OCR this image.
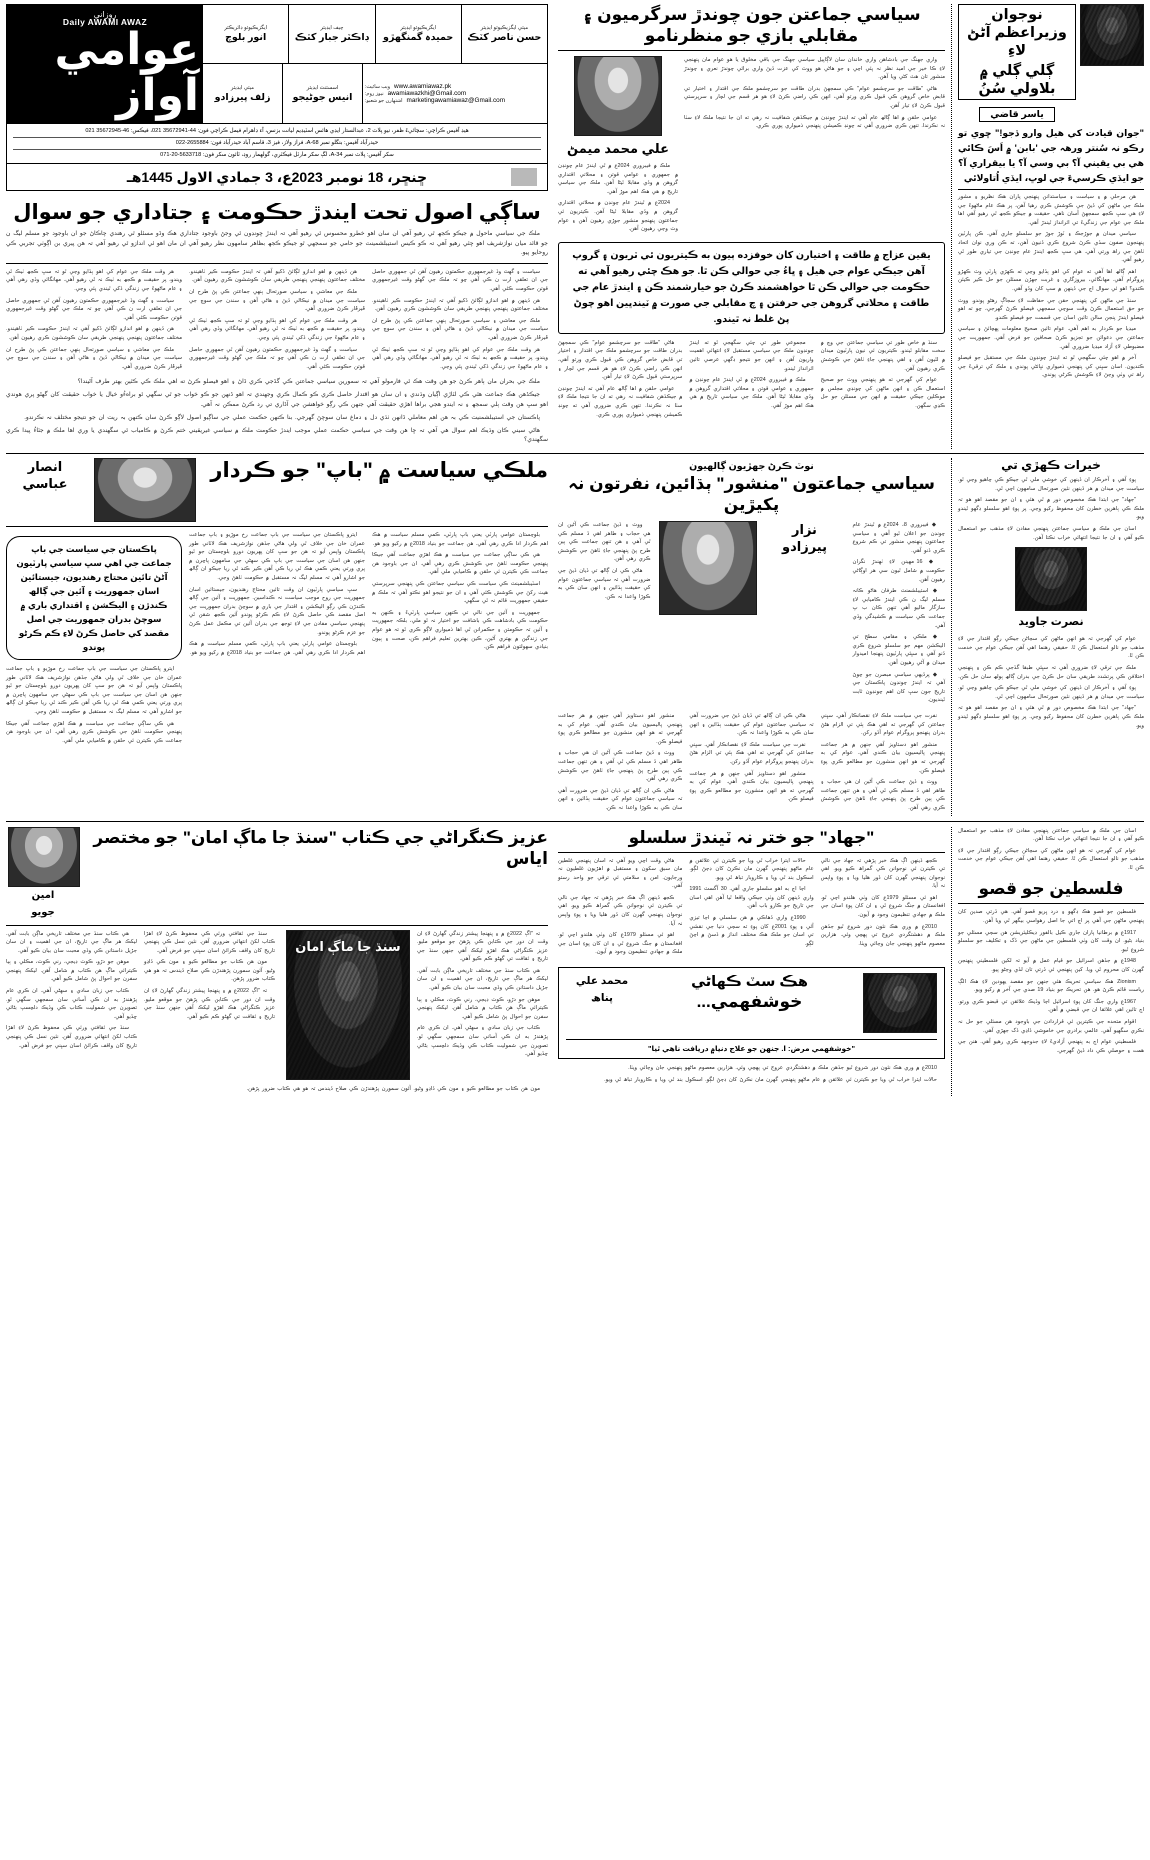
نوجوان وزيراعظم آڻڻ لاءِ
ڳلي ڳلي ۾ بلاولي سُنُ
ياسر قاضي
"جوان قيادت کي هيل وارو ڏجو!" ڇوي تو رڪو نہ سُنتر ورهہ جي 'بابن' ۾ اَسَ ڪائي هي بي يقيني آ؟ بي وسي آ؟ يا بيقراري آ؟ جو ايڏي ڪرسيءَ جي لوڀ، ايڏي اُتاولائي

هن مرحلي ۾ ۽ سياست ۽ سياستدانن پنهنجي پاران هڪ نظريو ۽ مشور ملڪ جي ماڻهن کي ڏيڻ جي ڪوشش ڪري رهيا آهن، پر هڪ عام ماڻهوءَ جي لاءِ هي سڀ ڪجھ سمجهڻ آسان ناهي. حقيقت ۾ جيڪو ڪجھ ٿي رهيو آهي اها ملڪ جي عوام جي زندگيءَ تي اثرانداز ٿيندڙ آهي.

سياسي ميدان ۾ جوڙجڪ ۽ ٽوڙ جوڙ جو سلسلو جاري آهي. ڪن پارٽين پنهنجون صفون سڌي ڪرڻ شروع ڪري ڏنيون آهن، ته ڪن وري نوان اتحاد ٺاهڻ جي راھ ورتي آهي. هي سڀ ڪجھ ايندڙ عام چونڊن جي تياري طور ٿي رهيو آهي.

اهم ڳالھ اها آهي ته عوام کي اهو ٻڌايو وڃي ته ڪهڙي پارٽي وٽ ڪهڙو پروگرام آهي. مهانگائي، بيروزگاري ۽ غربت جهڙن مسئلن جو حل ڪير ڪيئن ڪندو؟ اهو ئي سوال اڄ جي ڏينهن ۾ سڀ کان وڏو آهي.

سنڌ جي ماڻهن کي پنهنجي حقن جي حفاظت لاءِ سجاڳ رهڻو پوندو. ووٽ جو حق استعمال ڪرڻ وقت سوچي سمجهي فيصلو ڪرڻ گهرجي، ڇو ته اهو فيصلو ايندڙ پنجن سالن تائين اسان جي قسمت جو فيصلو ڪندو.

ميڊيا جو ڪردار به اهم آهي. عوام تائين صحيح معلومات پهچائڻ ۽ سياسي جماعتن جي دعوائن جو تجزيو ڪرڻ صحافين جو فرض آهي. جمهوريت جي مضبوطي لاءِ آزاد ميڊيا ضروري آهي.

آخر ۾ اهو چئي سگهجي ٿو ته ايندڙ چونڊون ملڪ جي مستقبل جو فيصلو ڪنديون. اسان سڀني کي پنهنجي ذميواري نڀائڻي پوندي ۽ ملڪ کي ترقيءَ جي راھ تي وٺي وڃڻ لاءِ ڪوشش ڪرڻي پوندي.

سياسي جماعتن جون چوندڙ سرگرميون ۽ مقابلي بازي جو منظرنامو

واري جهنگ جي بادشاهن واري خاندان سان لاڳاپيل سياسي جهنگ جي باقي مخلوق يا هو عوام مان پنهنجي لاءِ ڪا خير جي اميد نظر نہ پئي اچي ۽ جو هاڻي هو ووٽ کي عزت ڏيڻ واري برائي چوندڙ نعري ۽ چوندڙ منشور تان هٿ کڻي ويا آهن.

هاڻي "طاقت جو سرچشمو عوام" ڪي سمجهڻ بدران طاقت جو سرچشمو ملڪ جي اقتدار ۽ اختيار تي قابض خاص گروهن ڪي قبول ڪري ورتو آهي، انهن ڪي راضي ڪرڻ لاءِ هو هر قسم جي لچار ۽ سرپرستي قبول ڪرڻ لاءِ تيار آهن.

عوامي حلقن ۾ اها ڳالھ عام آهي ته ايندڙ چونڊن ۾ جيڪڏهن شفافيت نہ رهي ته ان جا نتيجا ملڪ لاءِ سٺا نہ نڪرندا. تنهن ڪري ضروري آهي ته چونڊ ڪميشن پنهنجي ذميواري پوري ڪري.

علي محمد ميمڻ

ملڪ ۾ فيبروري 2024ع ۾ ٿي ايندڙ عام چونڊن ۾ جمهوري ۽ عوامي قوتن ۽ محلاتي اقتداري گروهن ۾ وڏي مقابلا ٿيڻا آهن. ملڪ جي سياسي تاريخ ۾ هي هڪ اهم موڙ آهي.

2024ع ۾ ٿيندڙ عام چونڊن ۾ محلاتي اقتداري گروهن ۾ وڏي مقابلا ٿيڻا آهن. ڪيتريون ئي جماعتون پنهنجو منشور جوڙي رهيون آهن ۽ عوام وٽ وڃي رهيون آهن.

يقين عزاج ۾ طاقت ۽ اختيارن کان خوفزده ٻيون به ڪيتريون ئي ٽريون ۽ گروپ آهن جيڪي عوام جي هيل ۽ ڀاءُ جي حوالي ڪن ٿا. جو هڪ چئي رهيو آهي ته حڪومت جي حوالي ڪن ٿا خواهشمند ڪرڻ جو خيارشمند ڪن ۽ ايندڙ عام جي طاقت ۽ محلاتي گروهن جي حرفتن ۽ چ مقابلي جي صورت ۾ ٽيندڀين اهو چوڻ پڻ غلط نہ ٿيندو.

سنڌ ۾ خاص طور تي سياسي جماعتن جي وچ ۾ سخت مقابلو ٿيندو. ڪيتريون ئي نيون پارٽيون ميدان ۾ لٿيون آهن ۽ اهي پنهنجي جاءِ ٺاهڻ جي ڪوشش ڪري رهيون آهن.

عوام کي گهرجي ته هو پنهنجي ووٽ جو صحيح استعمال ڪن ۽ انهن ماڻهن کي چونڊي مجلس ۾ موڪلين جيڪي حقيقت ۾ انهن جي مسئلن جو حل ڪڍي سگهن.

مجموعي طور تي چئي سگهجي ٿو ته ايندڙ چونڊون ملڪ جي سياسي مستقبل لاءِ انتهائي اهميت واريون آهن ۽ انهن جو نتيجو ڊگهي عرصي تائين اثرانداز ٿيندو.

ملڪ ۾ فيبروري 2024ع ۾ ٿي ايندڙ عام چونڊن ۾ جمهوري ۽ عوامي قوتن ۽ محلاتي اقتداري گروهن ۾ وڏي مقابلا ٿيڻا آهن. ملڪ جي سياسي تاريخ ۾ هي هڪ اهم موڙ آهي.

هاڻي "طاقت جو سرچشمو عوام" ڪي سمجهڻ بدران طاقت جو سرچشمو ملڪ جي اقتدار ۽ اختيار تي قابض خاص گروهن ڪي قبول ڪري ورتو آهي، انهن ڪي راضي ڪرڻ لاءِ هو هر قسم جي لچار ۽ سرپرستي قبول ڪرڻ لاءِ تيار آهن.

عوامي حلقن ۾ اها ڳالھ عام آهي ته ايندڙ چونڊن ۾ جيڪڏهن شفافيت نہ رهي ته ان جا نتيجا ملڪ لاءِ سٺا نہ نڪرندا. تنهن ڪري ضروري آهي ته چونڊ ڪميشن پنهنجي ذميواري پوري ڪري.

ميٽي ايگزيڪيوٽو ايڊيٽر
حسن ناصر کٽڪ
ايگزيڪيوٽو ايڊيٽر
حميدہ گمنگهڙو
چيف ايڊيٽر
ڊاڪٽر جبار کٽڪ
ايگزيڪيوٽو ڊائريڪٽر
انور بلوچ
www.awamiawaz.pk
ويب سائيٽ:
awamiawazkhi@Gmail.com
نيوز روم:
marketingawamiawaz@Gmail.com
اشتهارن جو شعبو:
اسسٽنٽ ايڊيٽر
انيس جوڻيجو
ميٽي ايڊيٽر
زلف پيرزادو
روزاني
Daily AWAMI AWAZ
عوامي آواز
هيڊ آفيس ڪراچي: سچائيءَ ظفر، نيو پلاٽ 2، عبدالستار ايڊي هائس اسٽيڊيم ليانت بزنس، آء ڊاهرام فيمل ڪراچي فون: 44-35672941 021، فيڪس: 46-35672945 021
حيدرآباد آفيس: بنگلو نمبر 68-A، فراز ولاز، فيز 3، قاسم آباد حيدرآباد فون: 2655884-022
سکر آفيس: پلاٽ نمبر 34-A، لڳ سکر مارٽل فيڪٽري، گولهمار روڊ، ٽائون سکر فون: 5633718-20-071
ڇنڇر، 18 نومبر 2023ع، 3 جمادي الاول 1445هـ
ساڳي اصول تحت ايندڙ حڪومت ۽ جتاداري جو سوال

ملڪ جي سياسي ماحول ۾ جيڪو ڪجھ ٿي رهيو آهي ان سان اهو خطرو محسوس ٿي رهيو آهي تہ ايندڙ چونڊون ٿي وجڻ باوجود جتاداري هڪ وڏو مسئلو ٿي رهندي چاڪاڻ جو ان باوجود جو مسلم ليگ ن جو قائد ميان نوازشريف اهو چئي رهيو آهي تہ ڪو ڪيس استيبلشمينٽ جو حامي جو سمجهي ٿو جيڪو ڪجھ بظاهر سامهون نظر رهيو آهي ان مان اهو ئي اندازو ٿي رهيو آهي تہ هن پيري بن اڳوٺي تجربي ڪي روحايو پيو.

سياست ۽ گهٽ وڌ غيرجمهوري حڪمتون رهيون آهن ٿي جمهوري حاصل جي ان تعلقي ارت ن ڪي آهي ڇو تہ ملڪ جي گهڻو وقت غيرجمهوري قوتن حڪومت ڪئي آهي.

هن ڏينهن ۾ اهو اندازو لڳائڻ ڏکيو آهي تہ ايندڙ حڪومت ڪير ٺاهيندو. مختلف جماعتون پنهنجي پنهنجي طريقي سان ڪوششون ڪري رهيون آهن.

ملڪ جي معاشي ۽ سياسي صورتحال ٻنهي جماعتن ڪي پڻ طرح ان سياست جي ميدان ۾ نيڪالي ڏيڻ ۽ هاڻي آهن ۽ سندن جي سوچ جي ڦيرڦار ڪرڻ ضروري آهي.

هر وقت ملڪ جي عوام کي اهو ٻڌايو وڃي ٿو تہ سڀ ڪجھ ٺيڪ ٿي ويندو، پر حقيقت ۾ ڪجھ به ٺيڪ نہ ٿي رهيو آهي. مهانگائي وڌي رهي آهي ۽ عام ماڻهوءَ جي زندگي ڏکي ٿيندي پئي وڃي.

هن ڏينهن ۾ اهو اندازو لڳائڻ ڏکيو آهي تہ ايندڙ حڪومت ڪير ٺاهيندو. مختلف جماعتون پنهنجي پنهنجي طريقي سان ڪوششون ڪري رهيون آهن.

ملڪ جي معاشي ۽ سياسي صورتحال ٻنهي جماعتن ڪي پڻ طرح ان سياست جي ميدان ۾ نيڪالي ڏيڻ ۽ هاڻي آهن ۽ سندن جي سوچ جي ڦيرڦار ڪرڻ ضروري آهي.

هر وقت ملڪ جي عوام کي اهو ٻڌايو وڃي ٿو تہ سڀ ڪجھ ٺيڪ ٿي ويندو، پر حقيقت ۾ ڪجھ به ٺيڪ نہ ٿي رهيو آهي. مهانگائي وڌي رهي آهي ۽ عام ماڻهوءَ جي زندگي ڏکي ٿيندي پئي وڃي.

سياست ۽ گهٽ وڌ غيرجمهوري حڪمتون رهيون آهن ٿي جمهوري حاصل جي ان تعلقي ارت ن ڪي آهي ڇو تہ ملڪ جي گهڻو وقت غيرجمهوري قوتن حڪومت ڪئي آهي.

هر وقت ملڪ جي عوام کي اهو ٻڌايو وڃي ٿو تہ سڀ ڪجھ ٺيڪ ٿي ويندو، پر حقيقت ۾ ڪجھ به ٺيڪ نہ ٿي رهيو آهي. مهانگائي وڌي رهي آهي ۽ عام ماڻهوءَ جي زندگي ڏکي ٿيندي پئي وڃي.

سياست ۽ گهٽ وڌ غيرجمهوري حڪمتون رهيون آهن ٿي جمهوري حاصل جي ان تعلقي ارت ن ڪي آهي ڇو تہ ملڪ جي گهڻو وقت غيرجمهوري قوتن حڪومت ڪئي آهي.

هن ڏينهن ۾ اهو اندازو لڳائڻ ڏکيو آهي تہ ايندڙ حڪومت ڪير ٺاهيندو. مختلف جماعتون پنهنجي پنهنجي طريقي سان ڪوششون ڪري رهيون آهن.

ملڪ جي معاشي ۽ سياسي صورتحال ٻنهي جماعتن ڪي پڻ طرح ان سياست جي ميدان ۾ نيڪالي ڏيڻ ۽ هاڻي آهن ۽ سندن جي سوچ جي ڦيرڦار ڪرڻ ضروري آهي.

ملڪ جي بحران مان ٻاهر ڪرڻ جو هن وقت هڪ ٿي فارمولو آهي تہ سمورين سياسي جماعتن ڪي گڏجي ڪري ڏاڻ ۽ اهو فيصلو ڪرڻ ته اهي ملڪ ڪي ڪٿين بهتر طرف آڻيندا؟

جيڪڏهن هڪ جماعت هٿي ڪي لٽاڙي اڳيان وڌندي ۽ ان سان هو اقتدار حاصل ڪري ڪو ڪمال ڪري وجهندي تہ اهو ڏنهن جو ڪو خواب جو ٿي سگهي ٿو براهءُو خيال يا خواب حقيقت کان گهڻو پري هوندي اهو سڀ هن وقت ٻلي سمجھ ۽ نہ ايندو هجي براها اهڙي حقيقت آهي جنهن ڪي رڳو خواهشن جي آڏاري تي رد ڪرڻ ممڪن نہ آهي.

پاڪستان جي استيبلشمنيت ڪي بہ هن اهم معاملي ڏانهن ٺڌي دل ۽ دماغ سان سوچڻ گهرجي. بنا ڪنهن حڪمت عملي جي ساڳيو اصول لاڳو ڪرڻ سان ڪنهن بہ ريت ان جو نتيجو مختلف نہ نڪرندو.

هاڻي سيني ڪان وڌيڪ اهم سوال هي آهي تہ ڇا هن وقت جي سياسي حڪمت عملي موجب ايندڙ حڪومت ملڪ ۾ سياسي غيريقيني ختم ڪرڻ ۾ ڪامياب ٿي سگهندي يا وري اها ملڪ ۾ جٽاءُ پيدا ڪري سگهندي؟

خيرات ڪهڙي تي

پوءِ آهي ۽ آخرڪار ان ڏينهن کي خوشي ملي ٿي جيڪو ڪي چاهيو وڃي ٿو. سياست جي ميدان ۾ هر ڏينهن نئين صورتحال سامهون اچي ٿي.

"جهاد" جي ابتدا هڪ مخصوص دور ۾ ٿي هئي ۽ ان جو مقصد اهو هو تہ ملڪ ڪي ٻاهرين خطرن کان محفوظ رکيو وڃي. پر پوءِ اهو سلسلو ڊگهو ٿيندو ويو.

اسان جي ملڪ ۾ سياسي جماعتن پنهنجي مفادن لاءِ مذهب جو استعمال ڪيو آهي ۽ ان جا نتيجا انتهائي خراب نڪتا آهن.

نصرت جاويد

عوام کي گهرجي تہ هو انهن ماڻهن کي سڃاڻن جيڪي رڳو اقتدار جي لاءِ مذهب جو نالو استعمال ڪن ٿا. حقيقي رهنما اهي آهن جيڪي عوام جي خدمت ڪن ٿا.

ملڪ جي ترقي لاءِ ضروري آهي تہ سڀئي طبقا گڏجي ڪم ڪن ۽ پنهنجي اختلافن ڪي پرتشدد طريقي سان حل ڪرڻ جي بدران ڳالھ ٻولھ سان حل ڪن.

پوءِ آهي ۽ آخرڪار ان ڏينهن کي خوشي ملي ٿي جيڪو ڪي چاهيو وڃي ٿو. سياست جي ميدان ۾ هر ڏينهن نئين صورتحال سامهون اچي ٿي.

"جهاد" جي ابتدا هڪ مخصوص دور ۾ ٿي هئي ۽ ان جو مقصد اهو هو تہ ملڪ ڪي ٻاهرين خطرن کان محفوظ رکيو وڃي. پر پوءِ اهو سلسلو ڊگهو ٿيندو ويو.

نوٽ ڪرڻ جهڙيون ڳالهيون
سياسي جماعتون "منشور" ٻڌائين، نفرتون نہ پکيڙين

◆ فيبروري 8، 2024ع ۾ ٿيندڙ عام چونڊن جو اعلان ٿيو آهي ۽ سياسي جماعتون پنهنجي منشور تي ڪم شروع ڪري ڏنو آهي.

◆ 16 مهينن لاءِ ٺهندڙ نگران حڪومت ۾ شامل ٿيون سي هر اوڳاڻي رهيون آهن.

◆ استيبلشمنٽ طرفان هاڻو ڪانہ مسلم ليگ ن ڪي ايندڙ ڪاميابي لاءِ سازگار ماليو آهي تنهن ڪان ب پ جماعت ڪي سياست ۾ ڪشيدگي وڌي آهي.

◆ ملڪي ۽ مقامي سطح تي اليڪشن مهم جو سلسلو شروع ڪري ڏنو آهي ۽ سڀئي پارٽيون پنهنجا اميدوار ميدان ۾ آڻي رهيون آهن.

◆ پرڏيهي سياسي مبصرن جو چوڻ آهي تہ ايندڙ چونڊون پاڪستان جي تاريخ جون سڀ کان اهم چونڊون ثابت ٿينديون.

نزار
پيرزادو

ووٽ ۽ ڏيڻ جماعت ڪي آڻين ان هي حجاب ۽ طاهر اهي ڏ مسلم ڪي ٿي آهي ۽ هن تنهن جماعت ڪي ٻين طرح پڻ پنهنجي جاءِ ٺاهڻ جي ڪوشش ڪري رهي آهن.

هاڻي ڪي ان ڳالھ تي ڌيان ڏيڻ جي ضرورت آهي تہ سياسي جماعتون عوام کي حقيقت ٻڌائين ۽ انهن سان ڪي به ڪوڙا واعدا نہ ڪن.

نفرت جي سياست ملڪ لاءِ نقصانڪار آهي. سڀني جماعتن کي گهرجي ته اهي هڪ ٻئي تي الزام هڻڻ بدران پنهنجو پروگرام عوام آڏو رکن.

منشور اهو دستاويز آهي جنهن ۾ هر جماعت پنهنجي پاليسيون بيان ڪندي آهي. عوام کي به گهرجي ته هو انهن منشورن جو مطالعو ڪري پوءِ فيصلو ڪن.

ووٽ ۽ ڏيڻ جماعت ڪي آڻين ان هي حجاب ۽ طاهر اهي ڏ مسلم ڪي ٿي آهي ۽ هن تنهن جماعت ڪي ٻين طرح پڻ پنهنجي جاءِ ٺاهڻ جي ڪوشش ڪري رهي آهن.

هاڻي ڪي ان ڳالھ تي ڌيان ڏيڻ جي ضرورت آهي تہ سياسي جماعتون عوام کي حقيقت ٻڌائين ۽ انهن سان ڪي به ڪوڙا واعدا نہ ڪن.

نفرت جي سياست ملڪ لاءِ نقصانڪار آهي. سڀني جماعتن کي گهرجي ته اهي هڪ ٻئي تي الزام هڻڻ بدران پنهنجو پروگرام عوام آڏو رکن.

منشور اهو دستاويز آهي جنهن ۾ هر جماعت پنهنجي پاليسيون بيان ڪندي آهي. عوام کي به گهرجي ته هو انهن منشورن جو مطالعو ڪري پوءِ فيصلو ڪن.

منشور اهو دستاويز آهي جنهن ۾ هر جماعت پنهنجي پاليسيون بيان ڪندي آهي. عوام کي به گهرجي ته هو انهن منشورن جو مطالعو ڪري پوءِ فيصلو ڪن.

ووٽ ۽ ڏيڻ جماعت ڪي آڻين ان هي حجاب ۽ طاهر اهي ڏ مسلم ڪي ٿي آهي ۽ هن تنهن جماعت ڪي ٻين طرح پڻ پنهنجي جاءِ ٺاهڻ جي ڪوشش ڪري رهي آهن.

هاڻي ڪي ان ڳالھ تي ڌيان ڏيڻ جي ضرورت آهي تہ سياسي جماعتون عوام کي حقيقت ٻڌائين ۽ انهن سان ڪي به ڪوڙا واعدا نہ ڪن.

ملڪي سياست ۾ "باپ" جو ڪردار
انصار
عباسي

بلوچستان عوامي پارٽي يعني باپ پارٽي، ڪمي مسلم سياست ۾ هڪ اهم ڪردار ادا ڪري رهي آهي. هن جماعت جو بنياد 2018ع ۾ رکيو ويو هو.

هي ڪي ساڳي جماعت جي سياست ۾ هڪ اهڙي جماعت آهي جيڪا پنهنجي حڪومت ٺاهڻ جي ڪوشش ڪري رهي آهي. ان جي باوجود هن جماعت ڪي ڪيترن ئي حلقن ۾ ڪاميابي ملي آهي.

اسٽيبلشمينٽ ڪي سياست ڪي سياسي جماعتن ڪي پنهنجي سرپرستي هيٺ رکڻ جي ڪوشش ڪئي آهي ۽ ان جو نتيجو اهو نڪتو آهي تہ ملڪ ۾ حقيقي جمهوريت قائم نہ ٿي سگهي.

جمهوريت ۽ آئين جي نالي تي ڪنهن سياسي پارٽيءَ ۽ ڪنهن به حڪومت ڪي بادشاهت ڪي باشافت جو اختيار نہ ٿو ملي، بلڪہ جمهوريت ۽ آئين تہ حڪومتن ۽ حڪمرانن ٿي اها ذميواري لاڳو ڪري ٿو تہ هو عوام جي زندگين ۾ بهتري آڻين، ڪين بهترين تعليم فراهم ڪن، صحت ۽ ٻيون بنيادي سهولتون فراهم ڪن.

ايترو پاڪستان جي سياست جي باپ جماعت رخ موڙيو ۽ باپ جماعت عمران خان جي خلاف ٿي ولي هاڻي جڏهن نوازشريف هڪ لاٽاني طور پاڪستان واپس آيو تہ هن جو سڀ کان پهريون دورو بلوچستان جو ٿيو جنهن هن اسان جي سياست جي باپ ڪي سهڻي جي سامهون پاڇرن ۾ پري ورتي يعني ڪمي هڪ ٿي ريا ڪي آهن ڪير ڪند ٿي ريا جيڪو ان ڳالھ جو اشارو آهي تہ مسلم ليگ نہ مستقبل ۾ حڪومت ٺاهڻ وجي.

سڀ سياسي پارٽيون ان وقت تائين محتاج رهنديون، جيستائين اسان جمهوريت جي روح موجب سياست نہ ڪنداسين. جمهوريت ۽ آئين جي ڳالھ ڪندڙن ڪي رڳو اليڪشن ۽ اقتدار جي باري ۾ سوچڻ بدران جمهوريت جي اصل مقصد ڪي حاصل ڪرڻ لاءِ ڪم ڪرڻو پوندو آئين ڪجھ شقن ٿي پنهنجي سياسي مفادن جي لاءِ توجھ جي بدران آئين تي مڪمل عمل ڪرڻ جو عزم ڪرڻو پوندو.

بلوچستان عوامي پارٽي يعني باپ پارٽي، ڪمي مسلم سياست ۾ هڪ اهم ڪردار ادا ڪري رهي آهي. هن جماعت جو بنياد 2018ع ۾ رکيو ويو هو.

پاڪستان جي سياست جي باپ جماعت جي اهي سڀ سياسي پارٽيون آڻڻ تائين محتاج رهنديون، جيستائين اسان جمهوريت ۽ آئين جي ڳالھ ڪندڙن ۽ اليڪشن ۽ اقتداري باري ۾ سوچڻ بدران جمهوريت جي اصل مقصد کي حاصل ڪرڻ لاءِ ڪم ڪرڻو پوندو

ايترو پاڪستان جي سياست جي باپ جماعت رخ موڙيو ۽ باپ جماعت عمران خان جي خلاف ٿي ولي هاڻي جڏهن نوازشريف هڪ لاٽاني طور پاڪستان واپس آيو تہ هن جو سڀ کان پهريون دورو بلوچستان جو ٿيو جنهن هن اسان جي سياست جي باپ ڪي سهڻي جي سامهون پاڇرن ۾ پري ورتي يعني ڪمي هڪ ٿي ريا ڪي آهن ڪير ڪند ٿي ريا جيڪو ان ڳالھ جو اشارو آهي تہ مسلم ليگ نہ مستقبل ۾ حڪومت ٺاهڻ وجي.

هي ڪي ساڳي جماعت جي سياست ۾ هڪ اهڙي جماعت آهي جيڪا پنهنجي حڪومت ٺاهڻ جي ڪوشش ڪري رهي آهي. ان جي باوجود هن جماعت ڪي ڪيترن ئي حلقن ۾ ڪاميابي ملي آهي.

اسان جي ملڪ ۾ سياسي جماعتن پنهنجي مفادن لاءِ مذهب جو استعمال ڪيو آهي ۽ ان جا نتيجا انتهائي خراب نڪتا آهن.

عوام کي گهرجي تہ هو انهن ماڻهن کي سڃاڻن جيڪي رڳو اقتدار جي لاءِ مذهب جو نالو استعمال ڪن ٿا. حقيقي رهنما اهي آهن جيڪي عوام جي خدمت ڪن ٿا.

فلسطين جو قصو

فلسطين جو قصو هڪ ڊگهو ۽ درد ڀريو قصو آهي. هي ڌرتي صدين کان پنهنجي ماڻهن جي آهي پر اڄ اتي جا اصل رهواسي بيگهر ٿي ويا آهن.

1917ع ۾ برطانيا پاران جاري ڪيل بالفور ڊيڪليئريشن هن سڄي مسئلي جو بنياد بڻيو. ان وقت کان وٺي فلسطين جي ماڻهن جي ڏک ۽ تڪليف جو سلسلو شروع ٿيو.

1948ع ۾ جڏهن اسرائيل جو قيام عمل ۾ آيو تہ لکين فلسطيني پنهنجن گهرن کان محروم ٿي ويا. کين پنهنجي ئي ڌرتي تان لڏي وڃڻو پيو.

Zionism هڪ سياسي تحريڪ هئي جنهن جو مقصد يهودين لاءِ هڪ الڳ رياست قائم ڪرڻ هو. هن تحريڪ جو بنياد 19 صدي جي آخر ۾ رکيو ويو.

1967ع واري جنگ کان پوءِ اسرائيل اڃا وڌيڪ علائقن تي قبضو ڪري ورتو. اڄ تائين اهي علائقا ان جي قبضي ۾ آهن.

اقوام متحده جي ڪيترين ئي قراردادن جي باوجود هن مسئلي جو حل نہ نڪري سگهيو آهي. عالمي برادري جي خاموشي ڏاڍي ڏک جهڙي آهي.

فلسطيني عوام اڄ به پنهنجي آزاديءَ لاءِ جدوجهد ڪري رهيو آهي. هنن جي همت ۽ حوصلي ڪي داد ڏيڻ گهرجي.

"جهاد" جو ختر نہ ٽيندڙ سلسلو

ڪجھ ڏينهن اڳ هڪ خبر پڙهي تہ جهاد جي نالي تي ڪيترن ئي نوجوانن ڪي گمراھ ڪيو ويو. اهي نوجوان پنهنجي گهرن کان ڏور هليا ويا ۽ پوءِ واپس نہ آيا.

اهو ئي مسئلو 1979ع کان وٺي هلندو اچي ٿو. افغانستان ۾ جنگ شروع ٿي ۽ ان کان پوءِ اسان جي ملڪ ۾ جهادي تنظيمون وجود ۾ آيون.

2010ع ۾ وري هڪ نئون دور شروع ٿيو جڏهن ملڪ ۾ دهشتگردي عروج تي پهچي وئي. هزارين معصوم ماڻهو پنهنجي جان وڃائي ويٺا.

حالات ايترا خراب ٿي ويا جو ڪيترن ئي علائقن ۾ عام ماڻهو پنهنجي گهرن مان نڪرڻ کان ڊڄڻ لڳو. اسڪول بند ٿي ويا ۽ ڪاروبار تباھ ٿي ويو.

اڃا اڄ به اهو سلسلو جاري آهي. 30 آگسٽ 1991 واري ڏينهن کان وٺي جيڪي واقعا ٿيا آهن اهي اسان جي تاريخ جو ڪارو باب آهن.

1990ع واري ڏهاڪي ۾ هن سلسلي ۾ اڃا تيزي آئي ۽ پوءِ 2001ع کان پوءِ ته سڄي دنيا جي نقشي تي اسان جو ملڪ هڪ مختلف انداز ۾ ڏسڻ ۾ اچڻ لڳو.

هاڻي وقت اچي ويو آهي تہ اسان پنهنجي غلطين مان سبق سکون ۽ مستقبل ۾ اهڙيون غلطيون نہ ورجايون. امن ۽ سلامتي ئي ترقي جو واحد رستو آهي.

ڪجھ ڏينهن اڳ هڪ خبر پڙهي تہ جهاد جي نالي تي ڪيترن ئي نوجوانن ڪي گمراھ ڪيو ويو. اهي نوجوان پنهنجي گهرن کان ڏور هليا ويا ۽ پوءِ واپس نہ آيا.

اهو ئي مسئلو 1979ع کان وٺي هلندو اچي ٿو. افغانستان ۾ جنگ شروع ٿي ۽ ان کان پوءِ اسان جي ملڪ ۾ جهادي تنظيمون وجود ۾ آيون.

هڪ سٽ ڪهاڻي
خوشفهمي...
محمد علي
پناھ
"خوشفهمي مرض: ا. جنهن جو علاج دنيا۾ دريافت ناهي ٿيا"

2010ع ۾ وري هڪ نئون دور شروع ٿيو جڏهن ملڪ ۾ دهشتگردي عروج تي پهچي وئي. هزارين معصوم ماڻهو پنهنجي جان وڃائي ويٺا.

حالات ايترا خراب ٿي ويا جو ڪيترن ئي علائقن ۾ عام ماڻهو پنهنجي گهرن مان نڪرڻ کان ڊڄڻ لڳو. اسڪول بند ٿي ويا ۽ ڪاروبار تباھ ٿي ويو.

عزيز ڪنگراڻي جي ڪتاب "سنڌ جا ماڳ امان" جو مختصر اياس
امين
جويو

تہ "اڳ 2022ع ۾ ۽ پنهنجا پيشتر زندگي گهارڻ لاءِ ان وقت ان دور جي ڪتابن ڪي پڙهڻ جو موقعو مليو. عزيز ڪنگراڻي هڪ اهڙو ليکڪ آهي جنهن سنڌ جي تاريخ ۽ ثقافت تي گهڻو ڪم ڪيو آهي.

هي ڪتاب سنڌ جي مختلف تاريخي ماڳن بابت آهي. ليکڪ هر ماڳ جي تاريخ، ان جي اهميت ۽ ان سان جڙيل داستانن ڪي وڏي محبت سان بيان ڪيو آهي.

موهن جو دڙو، ڪوٽ ڊيجي، رني ڪوٽ، مڪلي ۽ ٻيا ڪيترائي ماڳ هن ڪتاب ۾ شامل آهن. ليکڪ پنهنجي سفرن جو احوال پڻ شامل ڪيو آهي.

ڪتاب جي زبان سادي ۽ سهڻي آهي. ان ڪري عام پڙهندڙ به ان ڪي آساني سان سمجهي سگهي ٿو. تصويرن جي شموليت ڪتاب ڪي وڌيڪ دلچسپ بڻائي ڇڏيو آهي.

سنڌ جا ماڳ امان

سنڌ جي ثقافتي ورثي ڪي محفوظ ڪرڻ لاءِ اهڙا ڪتاب لکڻ انتهائي ضروري آهن. نئين نسل ڪي پنهنجي تاريخ کان واقف ڪرائڻ اسان سڀني جو فرض آهي.

مون هن ڪتاب جو مطالعو ڪيو ۽ مون ڪي ڏاڍو وڻيو. آئون سمورن پڙهندڙن ڪي صلاح ڏيندس تہ هو هي ڪتاب ضرور پڙهن.

تہ "اڳ 2022ع ۾ ۽ پنهنجا پيشتر زندگي گهارڻ لاءِ ان وقت ان دور جي ڪتابن ڪي پڙهڻ جو موقعو مليو. عزيز ڪنگراڻي هڪ اهڙو ليکڪ آهي جنهن سنڌ جي تاريخ ۽ ثقافت تي گهڻو ڪم ڪيو آهي.

هي ڪتاب سنڌ جي مختلف تاريخي ماڳن بابت آهي. ليکڪ هر ماڳ جي تاريخ، ان جي اهميت ۽ ان سان جڙيل داستانن ڪي وڏي محبت سان بيان ڪيو آهي.

موهن جو دڙو، ڪوٽ ڊيجي، رني ڪوٽ، مڪلي ۽ ٻيا ڪيترائي ماڳ هن ڪتاب ۾ شامل آهن. ليکڪ پنهنجي سفرن جو احوال پڻ شامل ڪيو آهي.

ڪتاب جي زبان سادي ۽ سهڻي آهي. ان ڪري عام پڙهندڙ به ان ڪي آساني سان سمجهي سگهي ٿو. تصويرن جي شموليت ڪتاب ڪي وڌيڪ دلچسپ بڻائي ڇڏيو آهي.

سنڌ جي ثقافتي ورثي ڪي محفوظ ڪرڻ لاءِ اهڙا ڪتاب لکڻ انتهائي ضروري آهن. نئين نسل ڪي پنهنجي تاريخ کان واقف ڪرائڻ اسان سڀني جو فرض آهي.

مون هن ڪتاب جو مطالعو ڪيو ۽ مون ڪي ڏاڍو وڻيو. آئون سمورن پڙهندڙن ڪي صلاح ڏيندس تہ هو هي ڪتاب ضرور پڙهن.
